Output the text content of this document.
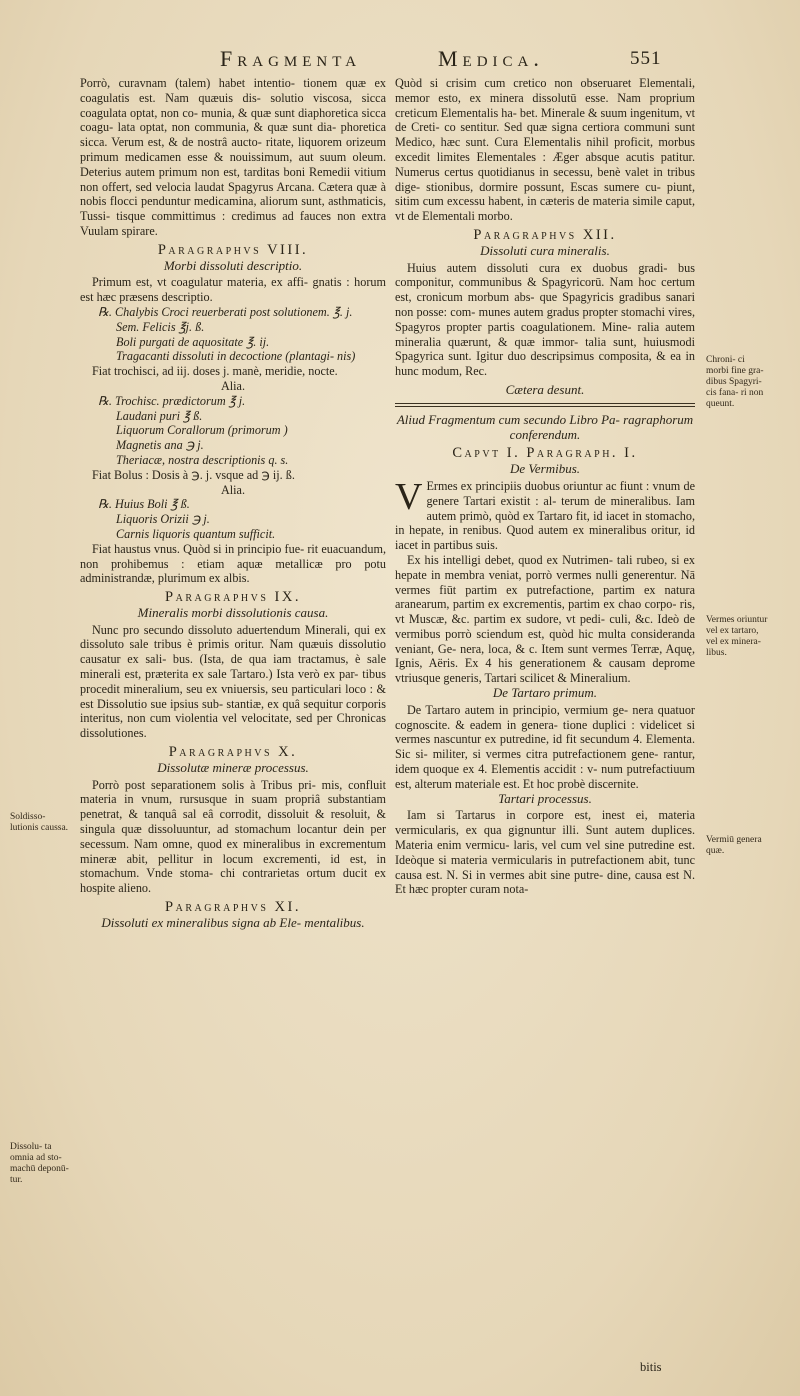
Fragmenta	Medica.	551

Porrò, curavnam (talem) habet intentio- tionem quæ ex coagulatis est. Nam quæuis dis- solutio viscosa, sicca coagulata optat, non co- munia, & quæ sunt diaphoretica sicca coagu- lata optat, non communia, & quæ sunt dia- phoretica sicca. Verum est, & de nostrâ aucto- ritate, liquorem orizeum primum medicamen esse & nouissimum, aut suum oleum. Deterius autem primum non est, tarditas boni Remedii vitium non offert, sed velocia laudat Spagyrus Arcana. Cætera quæ à nobis flocci penduntur medicamina, aliorum sunt, asthmaticis, Tussi- tisque committimus : credimus ad fauces non extra Vuulam spirare.

Paragraphvs VIII.
Morbi dissoluti descriptio.

Primum est, vt coagulatur materia, ex affi- gnatis : horum est hæc præsens descriptio.

℞. Chalybis Croci reuerberati post solutionem. ℥. j.
Sem. Felicis ℥j. ß.
Boli purgati de aquositate ℥. ij.
Tragacanti dissoluti in decoctione (plantagi- nis)

Fiat trochisci, ad iij. doses j. manè, meridie, nocte.

Alia.
℞. Trochisc. prædictorum ℥ j.
Laudani puri ℥ ß.
Liquorum Corallorum (primorum )
Magnetis ana ℈ j.
Theriacæ, nostra descriptionis q. s.

Fiat Bolus : Dosis à ℈. j. vsque ad ℈ ij. ß.

Alia.
℞. Huius Boli ℥ ß.
Liquoris Orizii ℈ j.
Carnis liquoris quantum sufficit.

Fiat haustus vnus. Quòd si in principio fue- rit euacuandum, non prohibemus : etiam aquæ metallicæ pro potu administrandæ, plurimum ex albis.

Paragraphvs IX.
Mineralis morbi dissolutionis causa.

Nunc pro secundo dissoluto aduertendum Minerali, qui ex dissoluto sale tribus è primis oritur. Nam quæuis dissolutio causatur ex sali- bus. (Ista, de qua iam tractamus, è sale minerali est, præterita ex sale Tartaro.) Ista verò ex par- tibus procedit mineralium, seu ex vniuersis, seu particulari loco : & est Dissolutio sue ipsius sub- stantiæ, ex quâ sequitur corporis interitus, non cum violentia vel velocitate, sed per Chronicas dissolutiones.

Paragraphvs X.
Dissolutæ mineræ processus.

Porrò post separationem solis à Tribus pri- mis, confluit materia in vnum, rursusque in suam propriâ substantiam penetrat, & tanquâ sal eâ corrodit, dissoluit & resoluit, & singula quæ dissoluuntur, ad stomachum locantur dein per secessum. Nam omne, quod ex mineralibus in excrementum mineræ abit, pellitur in locum excrementi, id est, in stomachum. Vnde stoma- chi contrarietas ortum ducit ex hospite alieno.

Paragraphvs XI.
Dissoluti ex mineralibus signa ab Ele- mentalibus.

Quòd si crisim cum cretico non obseruaret Elementali, memor esto, ex minera dissolutū esse. Nam proprium creticum Elementalis ha- bet. Minerale & suum ingenitum, vt de Creti- co sentitur. Sed quæ signa certiora communi sunt Medico, hæc sunt. Cura Elementalis nihil proficit, morbus excedit limites Elementales : Æger absque acutis patitur. Numerus certus quotidianus in secessu, benè valet in tribus dige- stionibus, dormire possunt, Escas sumere cu- piunt, sitim cum excessu habent, in cæteris de materia simile caput, vt de Elementali morbo.

Paragraphvs XII.
Dissoluti cura mineralis.

Huius autem dissoluti cura ex duobus gradi- bus componitur, communibus & Spagyricorū. Nam hoc certum est, cronicum morbum abs- que Spagyricis gradibus sanari non posse: com- munes autem gradus propter stomachi vires, Spagyros propter partis coagulationem. Mine- ralia autem mineralia quærunt, & quæ immor- talia sunt, huiusmodi Spagyrica sunt. Igitur duo descripsimus composita, & ea in hunc modum, Rec.

Cætera desunt.
Aliud Fragmentum cum secundo Libro Pa- ragraphorum conferendum.
Capvt I. Paragraph. I.
De Vermibus.

V Ermes ex principiis duobus oriuntur ac fiunt : vnum de genere Tartari existit : al- terum de mineralibus. Iam autem primò, quòd ex Tartaro fit, id iacet in stomacho, in hepate, in renibus. Quod autem ex mineralibus oritur, id iacet in partibus suis.

Ex his intelligi debet, quod ex Nutrimen- tali rubeo, si ex hepate in membra veniat, porrò vermes nulli generentur. Nā vermes fiūt partim ex putrefactione, partim ex natura aranearum, partim ex excrementis, partim ex chao corpo- ris, vt Muscæ, &c. partim ex sudore, vt pedi- culi, &c. Ideò de vermibus porrò sciendum est, quòd hic multa consideranda veniant, Ge- nera, loca, & c. Item sunt vermes Terræ, Aquę, Ignis, Aëris. Ex 4 his generationem & causam deprome vtriusque generis, Tartari scilicet & Mineralium.

De Tartaro primum.

De Tartaro autem in principio, vermium ge- nera quatuor cognoscite. & eadem in genera- tione duplici : videlicet si vermes nascuntur ex putredine, id fit secundum 4. Elementa. Sic si- militer, si vermes citra putrefactionem gene- rantur, idem quoque ex 4. Elementis accidit : v- num putrefactiuum est, alterum materiale est. Et hoc probè discernite.

Tartari processus.

Iam si Tartarus in corpore est, inest ei, materia vermicularis, ex qua gignuntur illi. Sunt autem duplices. Materia enim vermicu- laris, vel cum vel sine putredine est. Ideòque si materia vermicularis in putrefactionem abit, tunc causa est. N. Si in vermes abit sine putre- dine, causa est N. Et hæc propter curam nota-

Soldisso- lutionis caussa.
Dissolu- ta omnia ad sto- machū deponū- tur.
Chroni- ci morbi fine gra- dibus Spagyri- cis fana- ri non queunt.
Vermes oriuntur vel ex tartaro, vel ex minera- libus.
Vermiū genera quæ.
bitis
